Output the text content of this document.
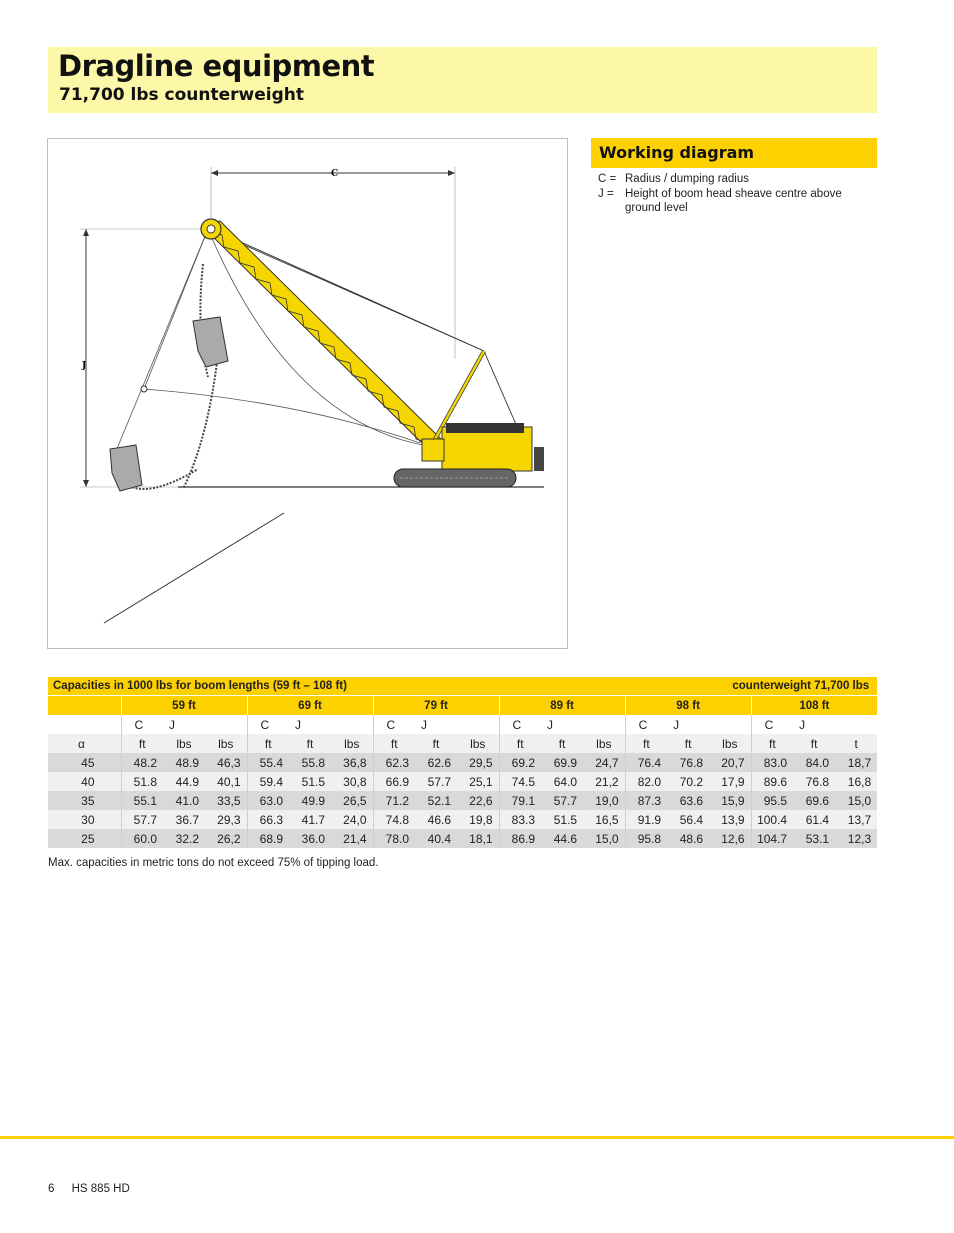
Dragline equipment
71,700 lbs counterweight
C
J
Working diagram
C = Radius / dumping radius
J = Height of boom head sheave centre above ground level
Capacities in 1000 lbs for boom lengths (59 ft – 108 ft)												counterweight 71,700 lbs						
	59 ft			69 ft			79 ft			89 ft			98 ft			108 ft		
	C	J		C	J		C	J		C	J		C	J		C	J	
α	ft	lbs	lbs	ft	ft	lbs	ft	ft	lbs	ft	ft	lbs	ft	ft	lbs	ft	ft	t
45	48.2	48.9	46,3	55.4	55.8	36,8	62.3	62.6	29,5	69.2	69.9	24,7	76.4	76.8	20,7	83.0	84.0	18,7
40	51.8	44.9	40,1	59.4	51.5	30,8	66.9	57.7	25,1	74.5	64.0	21,2	82.0	70.2	17,9	89.6	76.8	16,8
35	55.1	41.0	33,5	63.0	49.9	26,5	71.2	52.1	22,6	79.1	57.7	19,0	87.3	63.6	15,9	95.5	69.6	15,0
30	57.7	36.7	29,3	66.3	41.7	24,0	74.8	46.6	19,8	83.3	51.5	16,5	91.9	56.4	13,9	100.4	61.4	13,7
25	60.0	32.2	26,2	68.9	36.0	21,4	78.0	40.4	18,1	86.9	44.6	15,0	95.8	48.6	12,6	104.7	53.1	12,3
Max. capacities in metric tons do not exceed 75% of tipping load.
6 HS 885 HD
